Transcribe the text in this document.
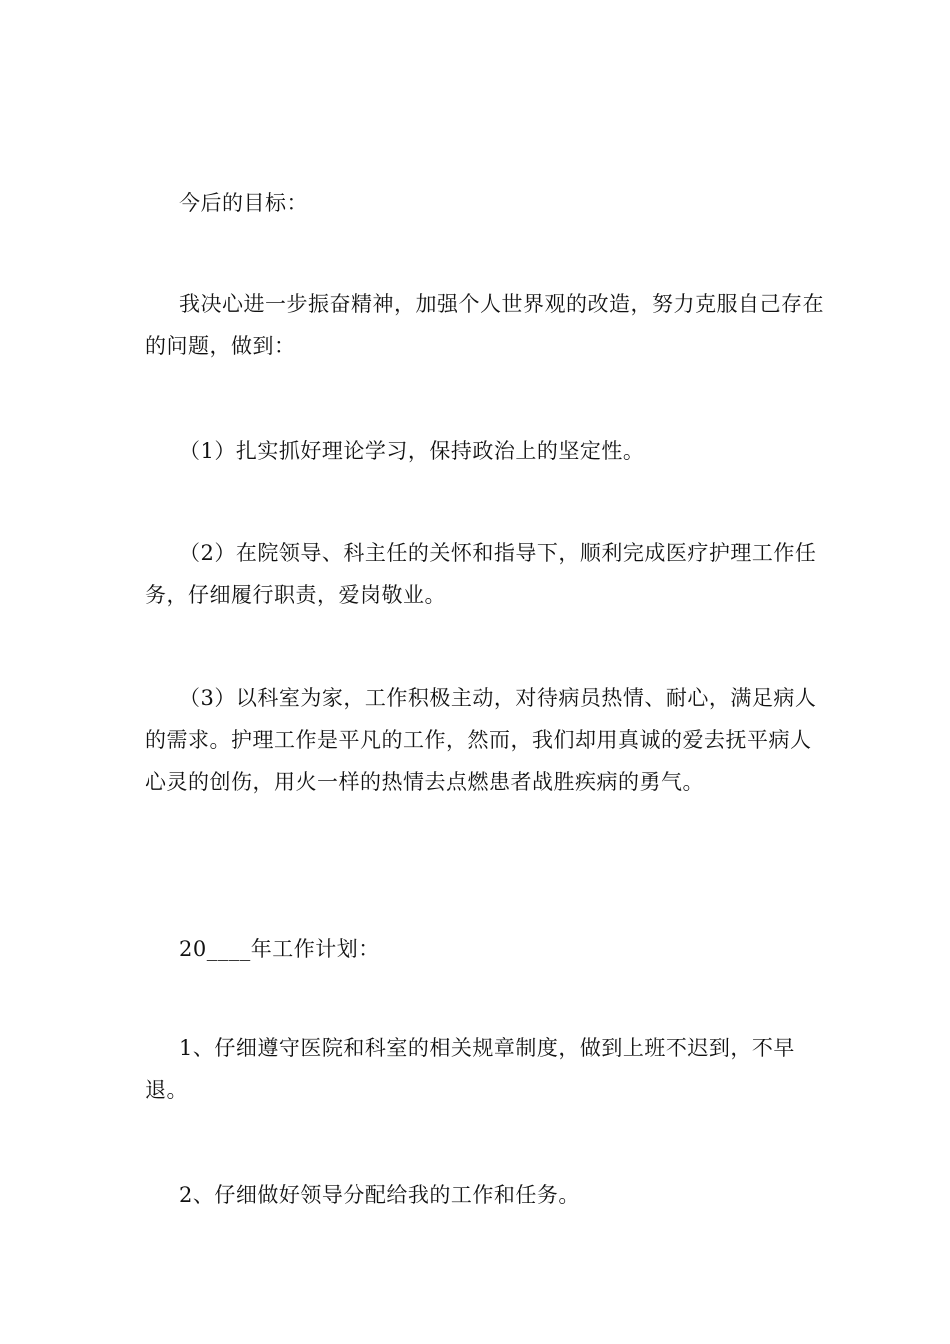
今后的目标：

我决心进一步振奋精神，加强个人世界观的改造，努力克服自己存在的问题，做到：

（1）扎实抓好理论学习，保持政治上的坚定性。

（2）在院领导、科主任的关怀和指导下，顺利完成医疗护理工作任务，仔细履行职责，爱岗敬业。

（3）以科室为家，工作积极主动，对待病员热情、耐心，满足病人的需求。护理工作是平凡的工作，然而，我们却用真诚的爱去抚平病人心灵的创伤，用火一样的热情去点燃患者战胜疾病的勇气。

20____年工作计划：

1、仔细遵守医院和科室的相关规章制度，做到上班不迟到，不早退。

2、仔细做好领导分配给我的工作和任务。
